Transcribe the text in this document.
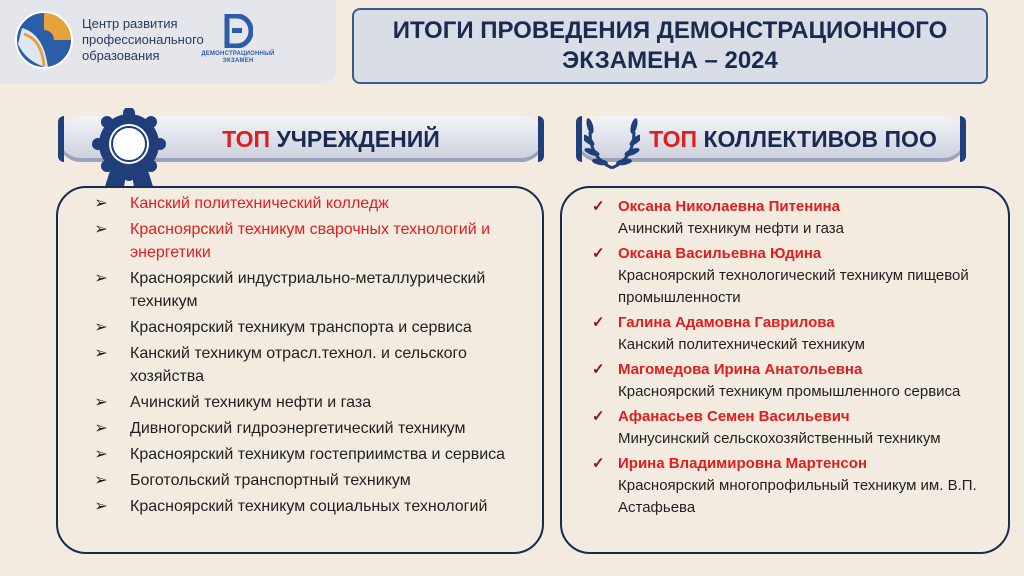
Центр развития профессионального образования	ДЕМОНСТРАЦИОННЫЙ
ЭКЗАМЕН
ИТОГИ ПРОВЕДЕНИЯ ДЕМОНСТРАЦИОННОГО
ЭКЗАМЕНА – 2024
ТОП
УЧРЕЖДЕНИЙ	ТОП
КОЛЛЕКТИВОВ ПОО
➢ Канский политехнический колледж
➢ Красноярский техникум сварочных технологий и энергетики
➢ Красноярский индустриально-металлурический техникум
➢ Красноярский техникум транспорта и сервиса
➢ Канский техникум отрасл.технол. и сельского хозяйства
➢ Ачинский техникум нефти и газа
➢ Дивногорский гидроэнергетический техникум
➢ Красноярский техникум гостеприимства и сервиса
➢ Боготольский транспортный техникум
➢ Красноярский техникум социальных технологий
✓ Оксана Николаевна Питенина
Ачинский техникум нефти и газа
✓ Оксана Васильевна Юдина
Красноярский технологический техникум пищевой промышленности
✓ Галина Адамовна Гаврилова
Канский политехнический техникум
✓ Магомедова Ирина Анатольевна
Красноярский техникум промышленного сервиса
✓ Афанасьев Семен Васильевич
Минусинский сельскохозяйственный техникум
✓ Ирина Владимировна Мартенсон
Красноярский многопрофильный техникум им. В.П. Астафьева
